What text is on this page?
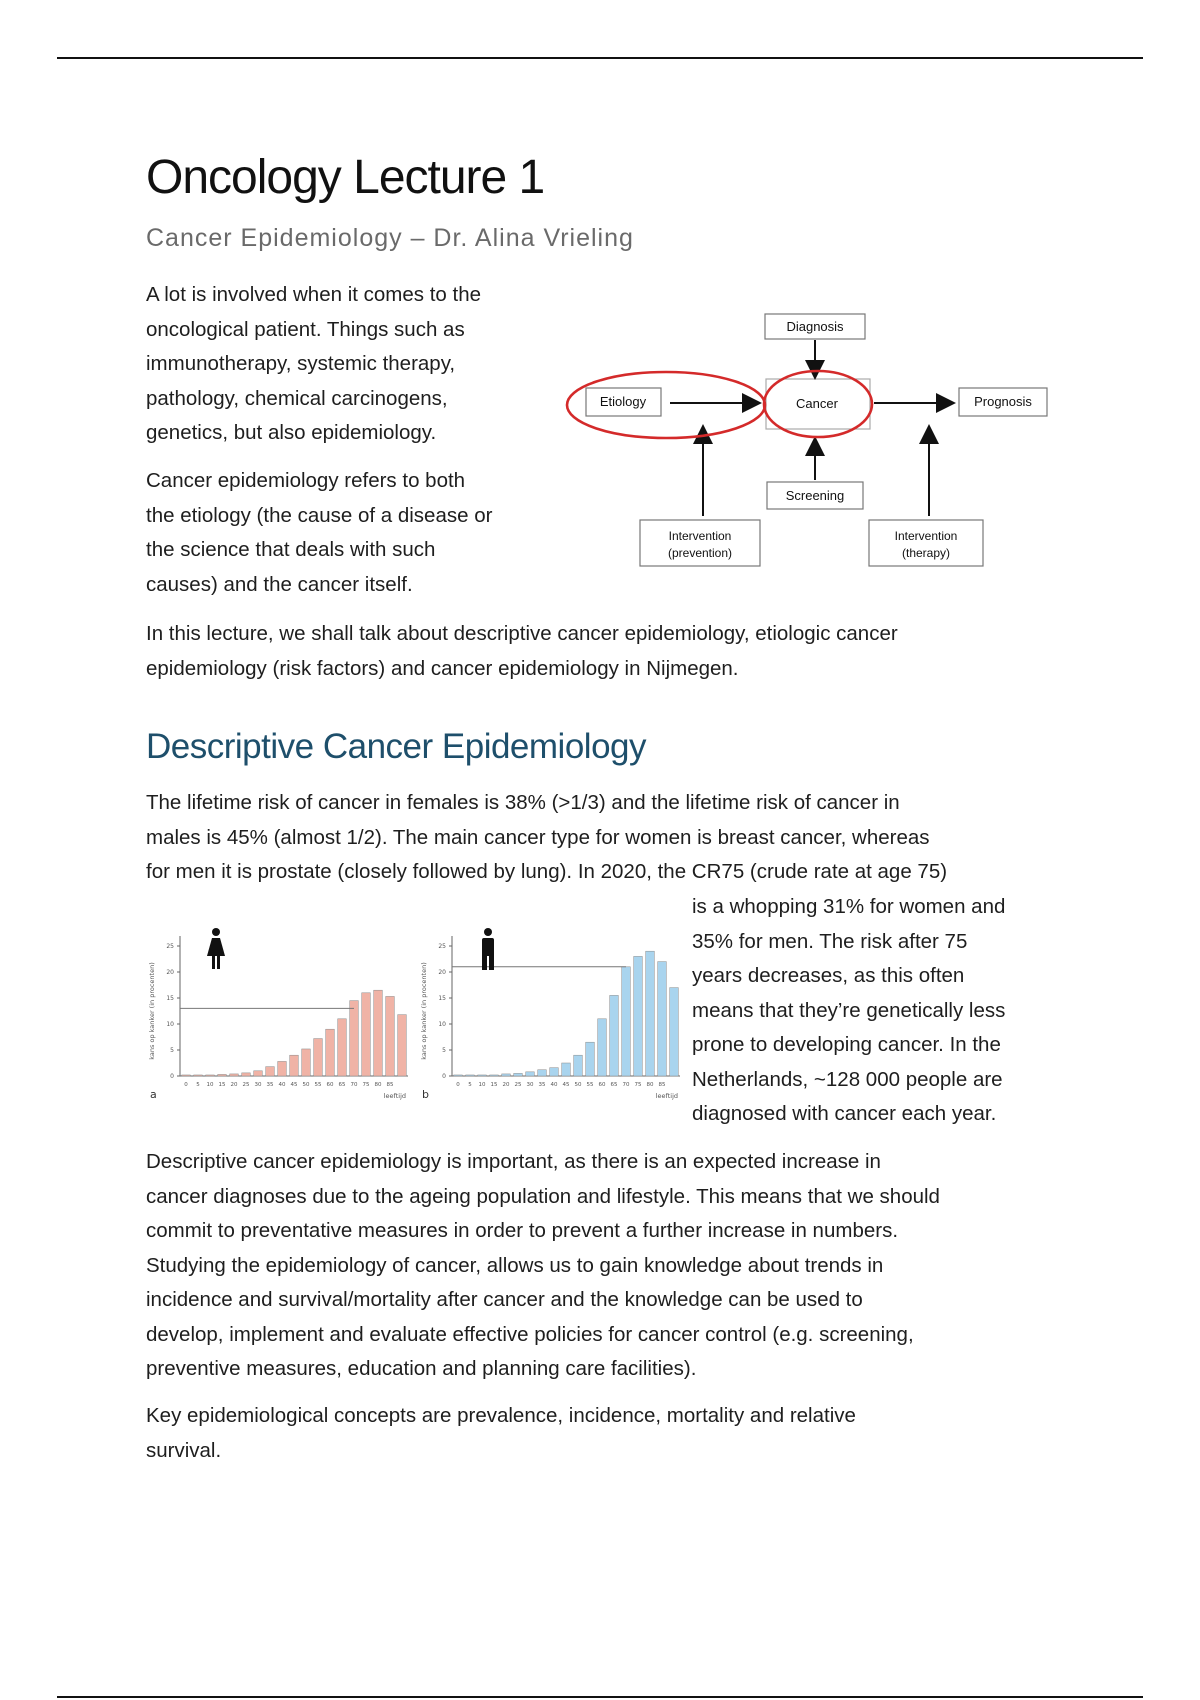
Oncology Lecture 1
Cancer Epidemiology – Dr. Alina Vrieling
A lot is involved when it comes to the
oncological patient. Things such as
immunotherapy, systemic therapy,
pathology, chemical carcinogens,
genetics, but also epidemiology.
Cancer epidemiology refers to both
the etiology (the cause of a disease or
the science that deals with such
causes) and the cancer itself.
Diagnosis
Etiology	Cancer	Prognosis
Screening
Intervention
(prevention)
Intervention
(therapy)
In this lecture, we shall talk about descriptive cancer epidemiology, etiologic cancer
epidemiology (risk factors) and cancer epidemiology in Nijmegen.
Descriptive Cancer Epidemiology
The lifetime risk of cancer in females is 38% (>1/3) and the lifetime risk of cancer in
males is 45% (almost 1/2). The main cancer type for women is breast cancer, whereas
for men it is prostate (closely followed by lung). In 2020, the CR75 (crude rate at age 75)
is a whopping 31% for women and
35% for men. The risk after 75
years decreases, as this often
means that they’re genetically less
prone to developing cancer. In the
Netherlands, ~128 000 people are
diagnosed with cancer each year.
kans op kanker (in procenten)
0
5
10
15
20
25
0 5 10 15 20 25 30 35 40 45 50 55 60 65 70 75 80 85
leeftijd
a
kans op kanker (in procenten)
0
5
10
15
20
25
0 5 10 15 20 25 30 35 40 45 50 55 60 65 70 75 80 85
leeftijd
b
Descriptive cancer epidemiology is important, as there is an expected increase in
cancer diagnoses due to the ageing population and lifestyle. This means that we should
commit to preventative measures in order to prevent a further increase in numbers.
Studying the epidemiology of cancer, allows us to gain knowledge about trends in
incidence and survival/mortality after cancer and the knowledge can be used to
develop, implement and evaluate effective policies for cancer control (e.g. screening,
preventive measures, education and planning care facilities).
Key epidemiological concepts are prevalence, incidence, mortality and relative
survival.
